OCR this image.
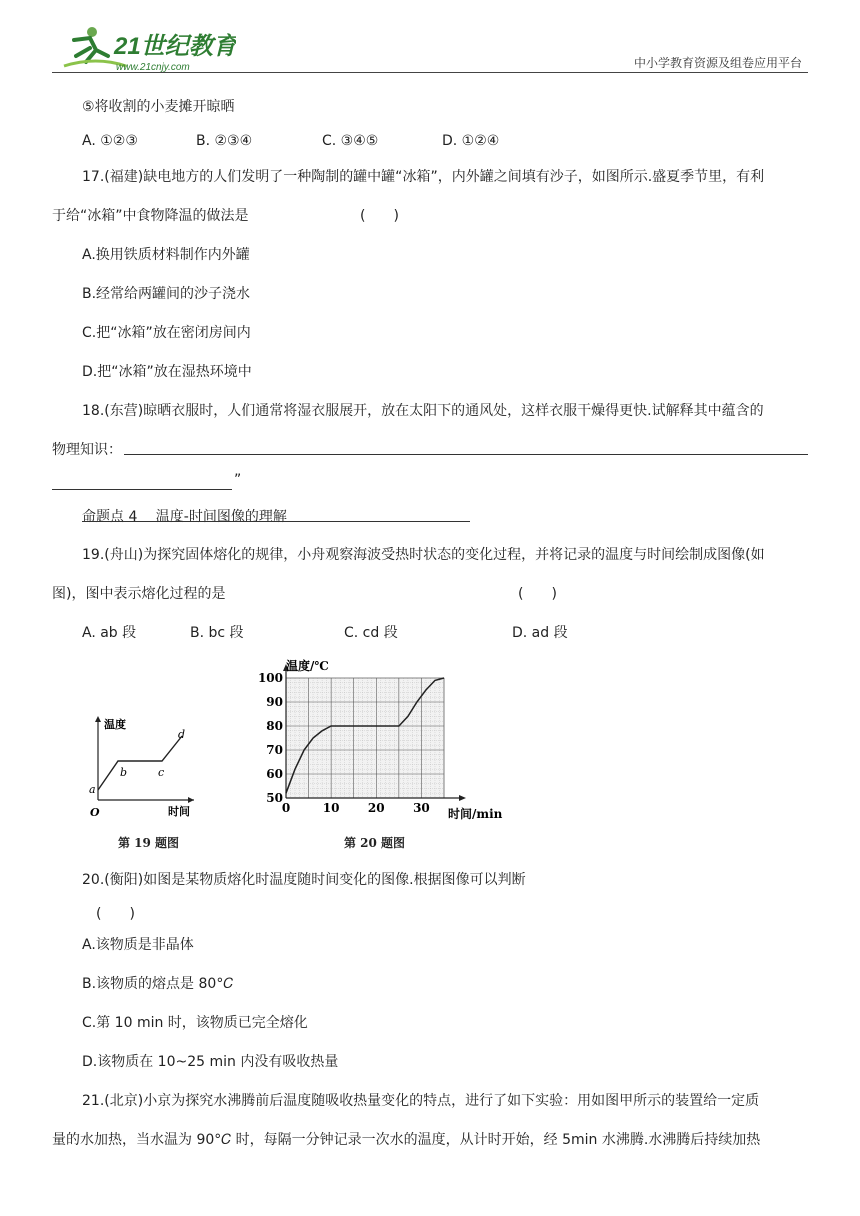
21世纪教育
www.21cnjy.com	中小学教育资源及组卷应用平台
⑤将收割的小麦摊开晾晒
A. ①②③	B. ②③④	C. ③④⑤	D. ①②④
17.(福建)缺电地方的人们发明了一种陶制的罐中罐“冰箱”，内外罐之间填有沙子，如图所示.盛夏季节里，有利
于给“冰箱”中食物降温的做法是	(　　)
A.换用铁质材料制作内外罐
B.经常给两罐间的沙子浇水
C.把“冰箱”放在密闭房间内
D.把“冰箱”放在湿热环境中
18.(东营)晾晒衣服时，人们通常将湿衣服展开，放在太阳下的通风处，这样衣服干燥得更快.试解释其中蕴含的
物理知识：
”
命题点 4　 温度-时间图像的理解
19.(舟山)为探究固体熔化的规律，小舟观察海波受热时状态的变化过程，并将记录的温度与时间绘制成图像(如
图)，图中表示熔化过程的是	(　　)
A. ab 段	B. bc 段	C. cd 段	D. ad 段
温度
时间
O
a
b	c
d
第 19 题图
0	10 20 30
50
60
70
80
90
100
温度/℃
时间/min
第 20 题图
20.(衡阳)如图是某物质熔化时温度随时间变化的图像.根据图像可以判断
(　　)
A.该物质是非晶体
B.该物质的熔点是 80°𝐶
C.第 10 min 时，该物质已完全熔化
D.该物质在 10~25 min 内没有吸收热量
21.(北京)小京为探究水沸腾前后温度随吸收热量变化的特点，进行了如下实验：用如图甲所示的装置给一定质
量的水加热，当水温为 90°𝐶 时，每隔一分钟记录一次水的温度，从计时开始，经 5min 水沸腾.水沸腾后持续加热
